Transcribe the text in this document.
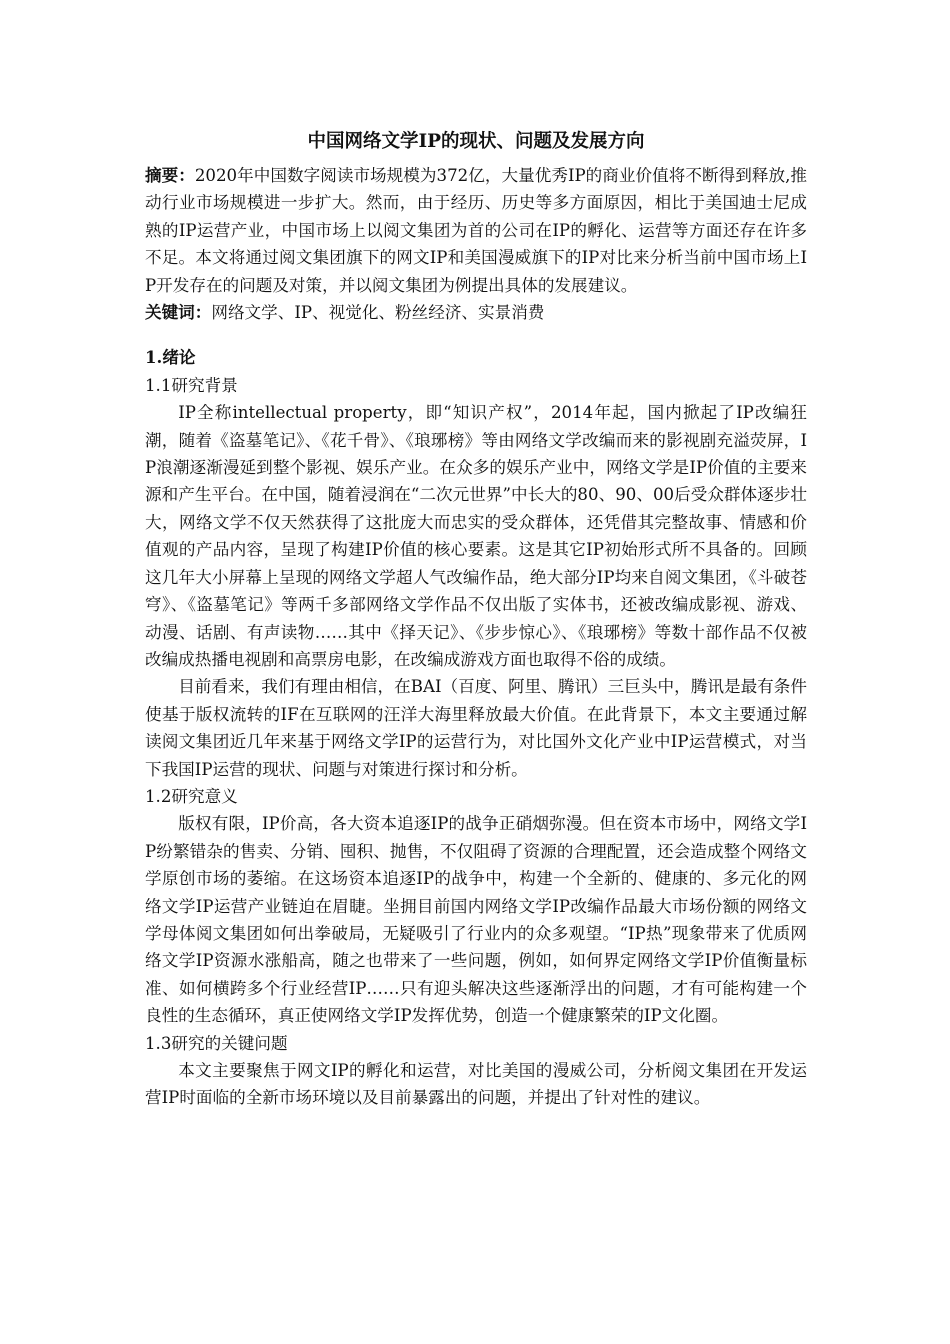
中国网络文学IP的现状、问题及发展方向

摘要：2020年中国数字阅读市场规模为372亿，大量优秀IP的商业价值将不断得到释放,推动行业市场规模进一步扩大。然而，由于经历、历史等多方面原因，相比于美国迪士尼成熟的IP运营产业，中国市场上以阅文集团为首的公司在IP的孵化、运营等方面还存在许多不足。本文将通过阅文集团旗下的网文IP和美国漫威旗下的IP对比来分析当前中国市场上IP开发存在的问题及对策，并以阅文集团为例提出具体的发展建议。

关键词：网络文学、IP、视觉化、粉丝经济、实景消费

1.绪论

1.1研究背景

IP全称intellectual property，即“知识产权”，2014年起，国内掀起了IP改编狂潮，随着《盗墓笔记》、《花千骨》、《琅琊榜》等由网络文学改编而来的影视剧充溢荧屏，IP浪潮逐渐漫延到整个影视、娱乐产业。在众多的娱乐产业中，网络文学是IP价值的主要来源和产生平台。在中国，随着浸润在“二次元世界”中长大的80、90、00后受众群体逐步壮大，网络文学不仅天然获得了这批庞大而忠实的受众群体，还凭借其完整故事、情感和价值观的产品内容，呈现了构建IP价值的核心要素。这是其它IP初始形式所不具备的。回顾这几年大小屏幕上呈现的网络文学超人气改编作品，绝大部分IP均来自阅文集团，《斗破苍穹》、《盗墓笔记》等两千多部网络文学作品不仅出版了实体书，还被改编成影视、游戏、动漫、话剧、有声读物……其中《择天记》、《步步惊心》、《琅琊榜》等数十部作品不仅被改编成热播电视剧和高票房电影，在改编成游戏方面也取得不俗的成绩。

目前看来，我们有理由相信，在BAI（百度、阿里、腾讯）三巨头中，腾讯是最有条件使基于版权流转的IF在互联网的汪洋大海里释放最大价值。在此背景下，本文主要通过解读阅文集团近几年来基于网络文学IP的运营行为，对比国外文化产业中IP运营模式，对当下我国IP运营的现状、问题与对策进行探讨和分析。

1.2研究意义

版权有限，IP价高，各大资本追逐IP的战争正硝烟弥漫。但在资本市场中，网络文学IP纷繁错杂的售卖、分销、囤积、抛售，不仅阻碍了资源的合理配置，还会造成整个网络文学原创市场的萎缩。在这场资本追逐IP的战争中，构建一个全新的、健康的、多元化的网络文学IP运营产业链迫在眉睫。坐拥目前国内网络文学IP改编作品最大市场份额的网络文学母体阅文集团如何出拳破局，无疑吸引了行业内的众多观望。“IP热”现象带来了优质网络文学IP资源水涨船高，随之也带来了一些问题，例如，如何界定网络文学IP价值衡量标准、如何横跨多个行业经营IP……只有迎头解决这些逐渐浮出的问题，才有可能构建一个良性的生态循环，真正使网络文学IP发挥优势，创造一个健康繁荣的IP文化圈。

1.3研究的关键问题

本文主要聚焦于网文IP的孵化和运营，对比美国的漫威公司，分析阅文集团在开发运营IP时面临的全新市场环境以及目前暴露出的问题，并提出了针对性的建议。
